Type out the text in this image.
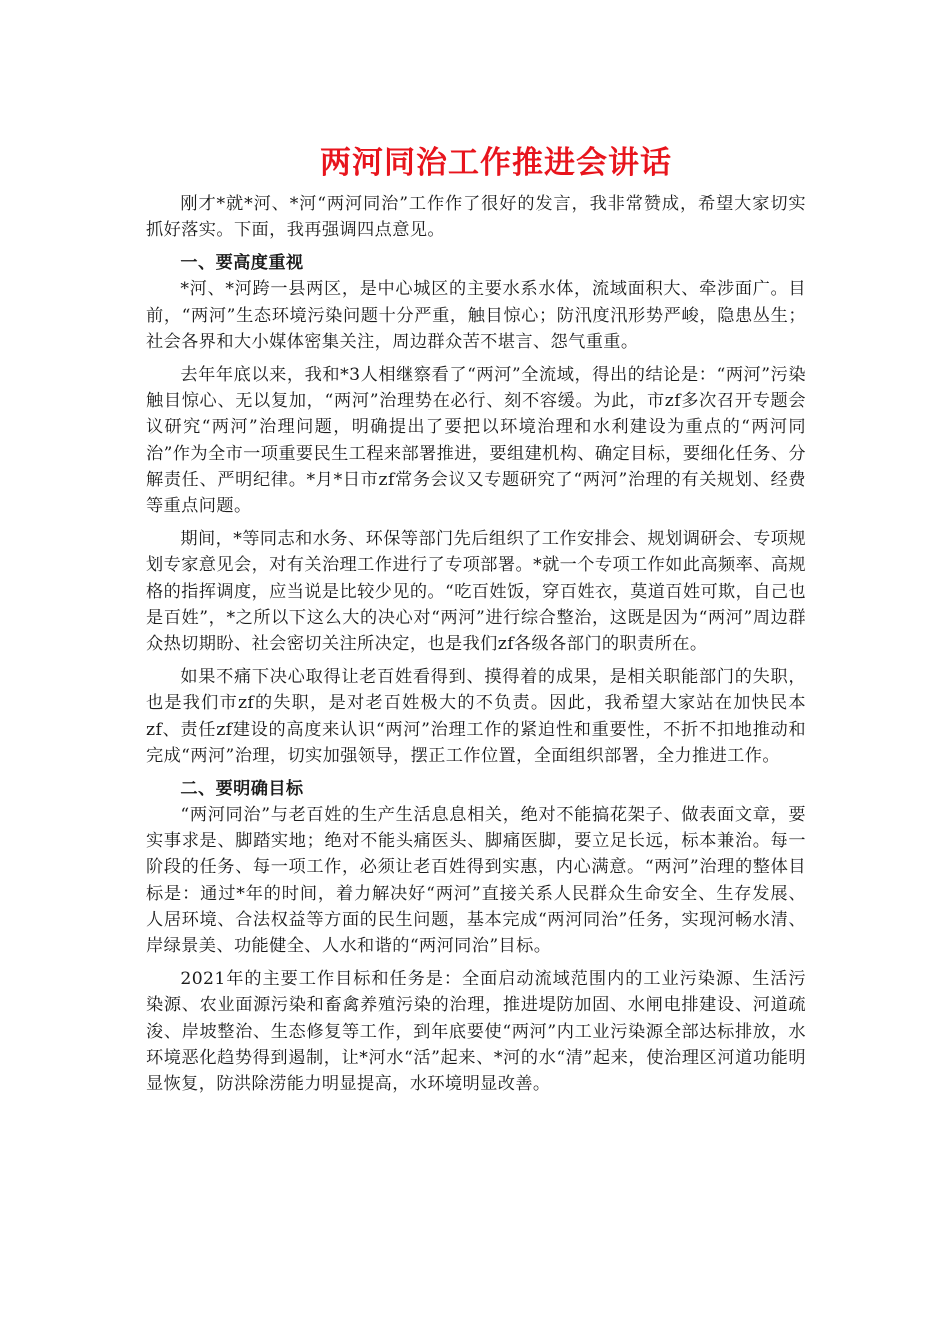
两河同治工作推进会讲话

刚才*就*河、*河“两河同治”工作作了很好的发言，我非常赞成，希望大家切实抓好落实。下面，我再强调四点意见。

一、要高度重视

*河、*河跨一县两区，是中心城区的主要水系水体，流域面积大、牵涉面广。目前，“两河”生态环境污染问题十分严重，触目惊心；防汛度汛形势严峻，隐患丛生；社会各界和大小媒体密集关注，周边群众苦不堪言、怨气重重。

去年年底以来，我和*3人相继察看了“两河”全流域，得出的结论是：“两河”污染触目惊心、无以复加，“两河”治理势在必行、刻不容缓。为此，市zf多次召开专题会议研究“两河”治理问题，明确提出了要把以环境治理和水利建设为重点的“两河同治”作为全市一项重要民生工程来部署推进，要组建机构、确定目标，要细化任务、分解责任、严明纪律。*月*日市zf常务会议又专题研究了“两河”治理的有关规划、经费等重点问题。

期间，*等同志和水务、环保等部门先后组织了工作安排会、规划调研会、专项规划专家意见会，对有关治理工作进行了专项部署。*就一个专项工作如此高频率、高规格的指挥调度，应当说是比较少见的。“吃百姓饭，穿百姓衣，莫道百姓可欺，自己也是百姓”，*之所以下这么大的决心对“两河”进行综合整治，这既是因为“两河”周边群众热切期盼、社会密切关注所决定，也是我们zf各级各部门的职责所在。

如果不痛下决心取得让老百姓看得到、摸得着的成果，是相关职能部门的失职，也是我们市zf的失职，是对老百姓极大的不负责。因此，我希望大家站在加快民本zf、责任zf建设的高度来认识“两河”治理工作的紧迫性和重要性，不折不扣地推动和完成“两河”治理，切实加强领导，摆正工作位置，全面组织部署，全力推进工作。

二、要明确目标

“两河同治”与老百姓的生产生活息息相关，绝对不能搞花架子、做表面文章，要实事求是、脚踏实地；绝对不能头痛医头、脚痛医脚，要立足长远，标本兼治。每一阶段的任务、每一项工作，必须让老百姓得到实惠，内心满意。“两河”治理的整体目标是：通过*年的时间，着力解决好“两河”直接关系人民群众生命安全、生存发展、人居环境、合法权益等方面的民生问题，基本完成“两河同治”任务，实现河畅水清、岸绿景美、功能健全、人水和谐的“两河同治”目标。

2021年的主要工作目标和任务是：全面启动流域范围内的工业污染源、生活污染源、农业面源污染和畜禽养殖污染的治理，推进堤防加固、水闸电排建设、河道疏浚、岸坡整治、生态修复等工作，到年底要使“两河”内工业污染源全部达标排放，水环境恶化趋势得到遏制，让*河水“活”起来、*河的水“清”起来，使治理区河道功能明显恢复，防洪除涝能力明显提高，水环境明显改善。
